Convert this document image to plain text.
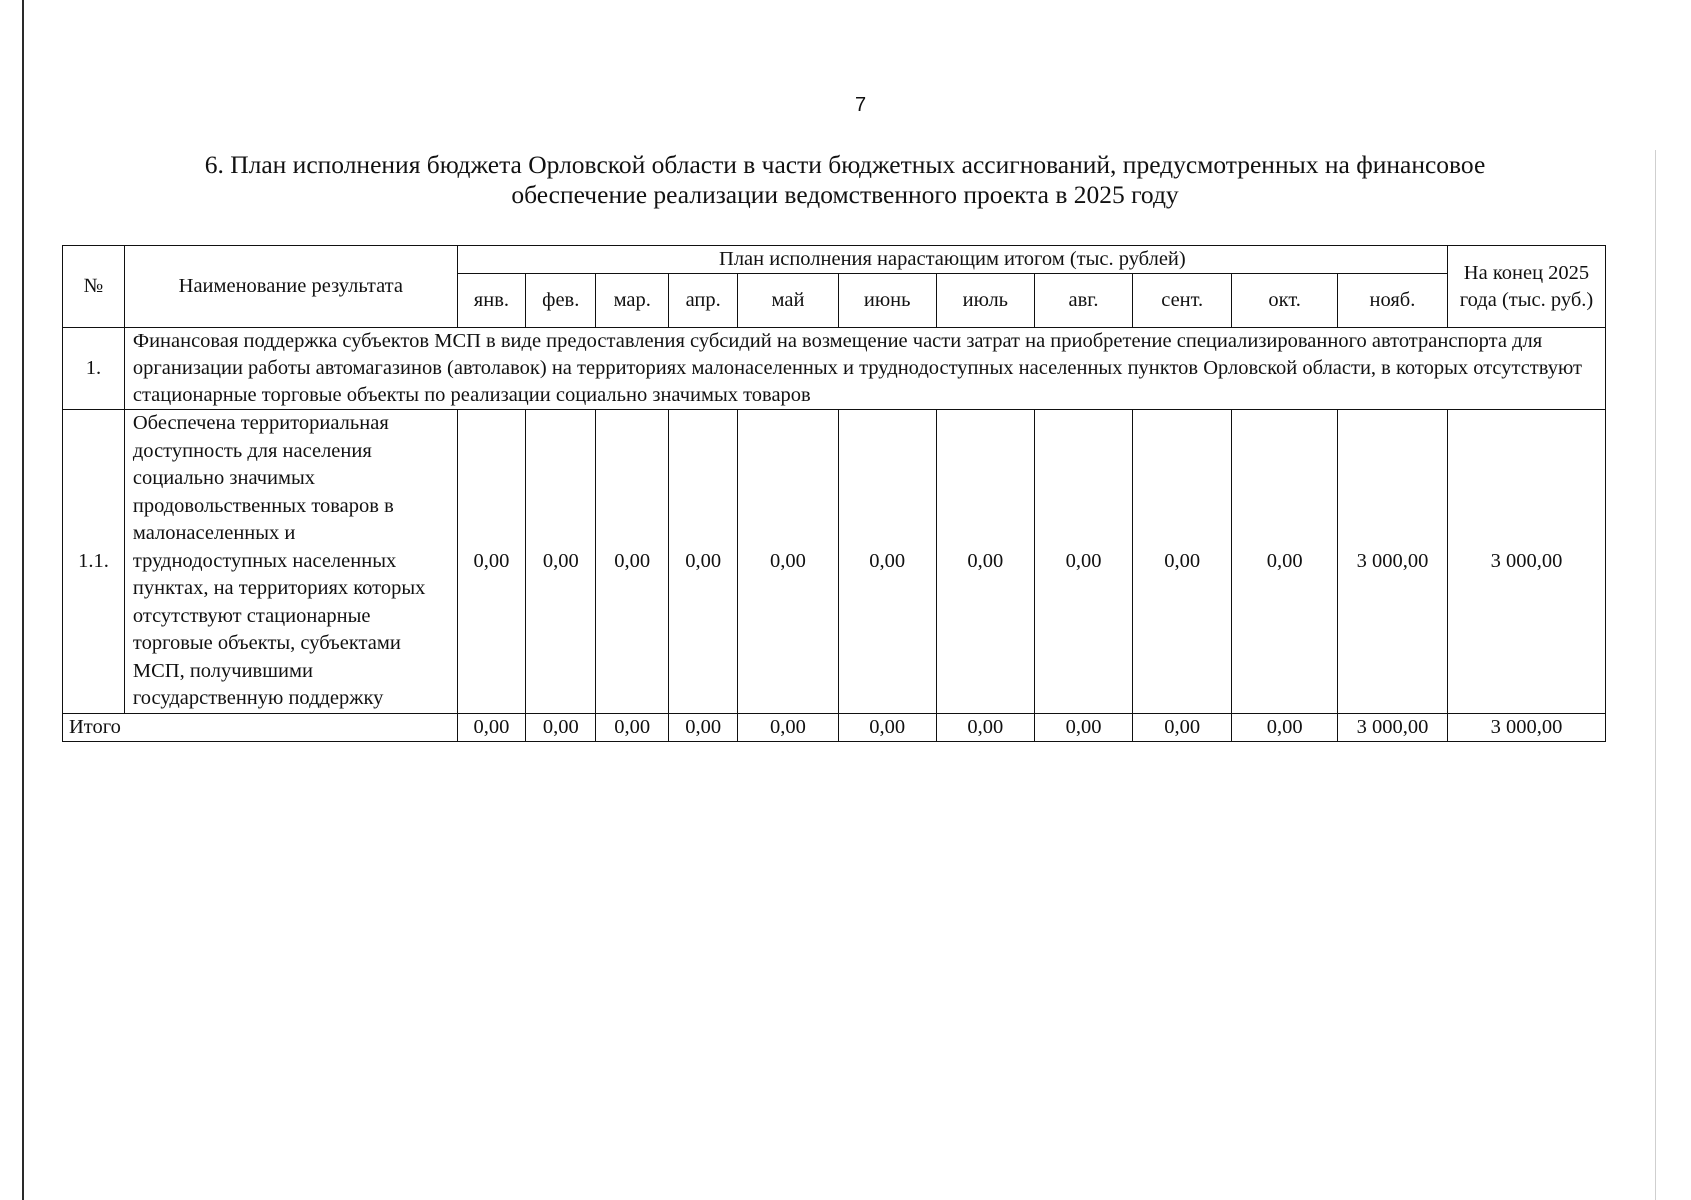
7
6. План исполнения бюджета Орловской области в части бюджетных ассигнований, предусмотренных на финансовое
обеспечение реализации ведомственного проекта в 2025 году
№	Наименование результата	План исполнения нарастающим итогом (тыс. рублей)											На конец 2025 года (тыс. руб.)
		янв.	фев.	мар.	апр.	май	июнь	июль	авг.	сент.	окт.	нояб.	
1.	Финансовая поддержка субъектов МСП в виде предоставления субсидий на возмещение части затрат на приобретение специализированного автотранспорта для организации работы автомагазинов (автолавок) на территориях малонаселенных и труднодоступных населенных пунктов Орловской области, в которых отсутствуют стационарные торговые объекты по реализации социально значимых товаров												
1.1.	Обеспечена территориальная доступность для населения социально значимых продовольственных товаров в малонаселенных и труднодоступных населенных пунктах, на территориях которых отсутствуют стационарные торговые объекты, субъектами МСП, получившими государственную поддержку	0,00	0,00	0,00	0,00	0,00	0,00	0,00	0,00	0,00	0,00	3 000,00	3 000,00
Итого		0,00	0,00	0,00	0,00	0,00	0,00	0,00	0,00	0,00	0,00	3 000,00	3 000,00
